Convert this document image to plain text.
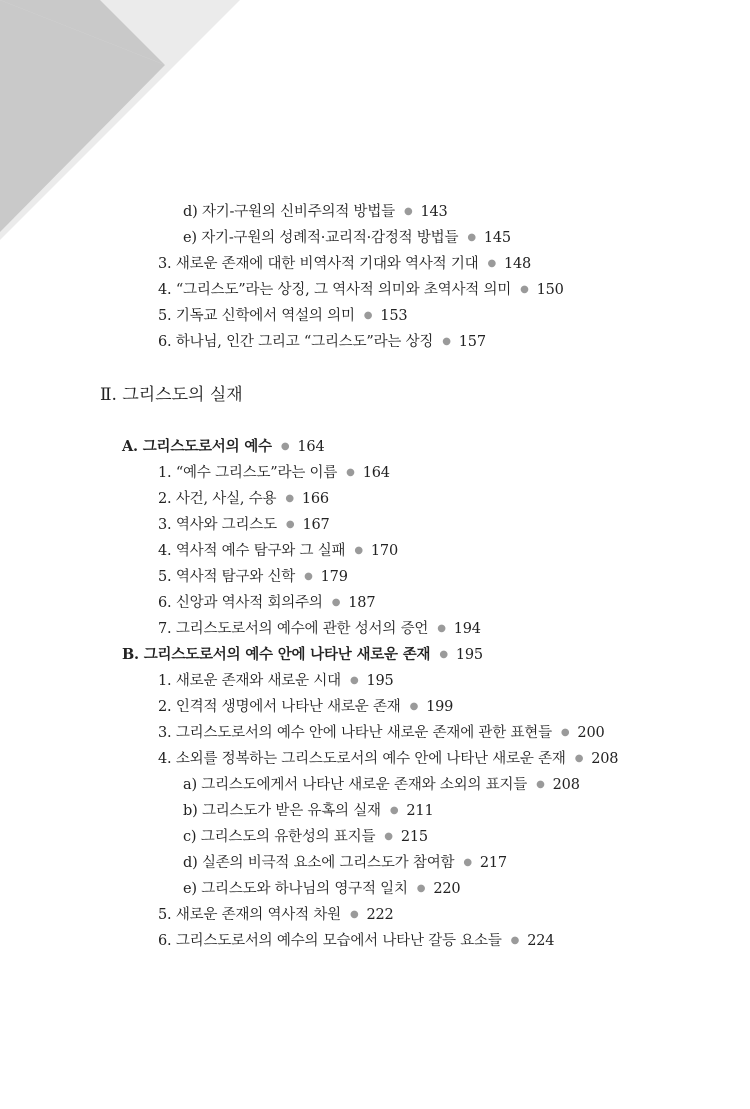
d) 자기-구원의 신비주의적 방법들 ● 143
e) 자기-구원의 성례적·교리적·감정적 방법들 ● 145
3. 새로운 존재에 대한 비역사적 기대와 역사적 기대 ● 148
4. “그리스도”라는 상징, 그 역사적 의미와 초역사적 의미 ● 150
5. 기독교 신학에서 역설의 의미 ● 153
6. 하나님, 인간 그리고 “그리스도”라는 상징 ● 157
Ⅱ. 그리스도의 실재
A. 그리스도로서의 예수 ● 164
1. “예수 그리스도”라는 이름 ● 164
2. 사건, 사실, 수용 ● 166
3. 역사와 그리스도 ● 167
4. 역사적 예수 탐구와 그 실패 ● 170
5. 역사적 탐구와 신학 ● 179
6. 신앙과 역사적 회의주의 ● 187
7. 그리스도로서의 예수에 관한 성서의 증언 ● 194
B. 그리스도로서의 예수 안에 나타난 새로운 존재 ● 195
1. 새로운 존재와 새로운 시대 ● 195
2. 인격적 생명에서 나타난 새로운 존재 ● 199
3. 그리스도로서의 예수 안에 나타난 새로운 존재에 관한 표현들 ● 200
4. 소외를 정복하는 그리스도로서의 예수 안에 나타난 새로운 존재 ● 208
a) 그리스도에게서 나타난 새로운 존재와 소외의 표지들 ● 208
b) 그리스도가 받은 유혹의 실재 ● 211
c) 그리스도의 유한성의 표지들 ● 215
d) 실존의 비극적 요소에 그리스도가 참여함 ● 217
e) 그리스도와 하나님의 영구적 일치 ● 220
5. 새로운 존재의 역사적 차원 ● 222
6. 그리스도로서의 예수의 모습에서 나타난 갈등 요소들 ● 224
